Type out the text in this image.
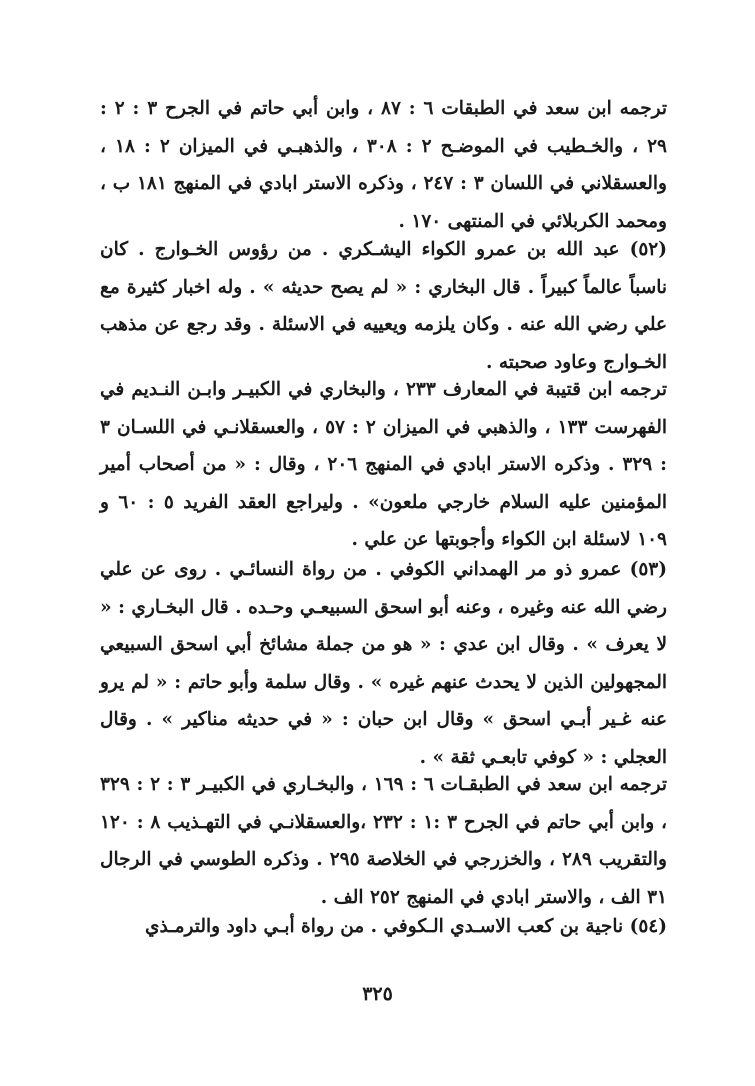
ترجمه ابن سعد في الطبقات ٦ : ٨٧ ، وابن أبي حاتم في الجرح ٣ : ٢ : ٢٩ ، والخـطيب في الموضـح ٢ : ٣٠٨ ، والذهبـي في الميزان ٢ : ١٨ ، والعسقلاني في اللسان ٣ : ٢٤٧ ، وذكره الاستر ابادي في المنهج ١٨١ ب ، ومحمد الكربلائي في المنتهى ١٧٠ .

(٥٢) عبد الله بن عمرو الكواء اليشـكري . من رؤوس الخـوارج . كان ناسباً عالماً كبيراً . قال البخاري : « لم يصح حديثه » . وله اخبار كثيرة مع علي رضي الله عنه . وكان يلزمه ويعييه في الاسئلة . وقد رجع عن مذهب الخـوارج وعاود صحبته .

ترجمه ابن قتيبة في المعارف ٢٣٣ ، والبخاري في الكبيـر وابـن النـديم في الفهرست ١٣٣ ، والذهبي في الميزان ٢ : ٥٧ ، والعسقلانـي في اللسـان ٣ : ٣٢٩ . وذكره الاستر ابادي في المنهج ٢٠٦ ، وقال : « من أصحاب أمير المؤمنين عليه السلام خارجي ملعون» . وليراجع العقد الفريد ٥ : ٦٠ و ١٠٩ لاسئلة ابن الكواء وأجوبتها عن علي .

(٥٣) عمرو ذو مر الهمداني الكوفي . من رواة النسائـي . روى عن علي رضي الله عنه وغيره ، وعنه أبو اسحق السبيعـي وحـده . قال البخـاري : « لا يعرف » . وقال ابن عدي : « هو من جملة مشائخ أبي اسحق السبيعي المجهولين الذين لا يحدث عنهم غيره » . وقال سلمة وأبو حاتم : « لم يرو عنه غـير أبـي اسحق » وقال ابن حبان : « في حديثه مناكير » . وقال العجلي : « كوفي تابعـي ثقة » .

ترجمه ابن سعد في الطبقـات ٦ : ١٦٩ ، والبخـاري في الكبيـر ٣ : ٢ : ٣٢٩ ، وابن أبي حاتم في الجرح ٣ :١ : ٢٣٢ ،والعسقلانـي في التهـذيب ٨ : ١٢٠ والتقريب ٢٨٩ ، والخزرجي في الخلاصة ٢٩٥ . وذكره الطوسي في الرجال ٣١ الف ، والاستر ابادي في المنهج ٢٥٢ الف .

(٥٤) ناجية بن كعب الاسـدي الـكوفي . من رواة أبـي داود والترمـذي

٣٢٥
